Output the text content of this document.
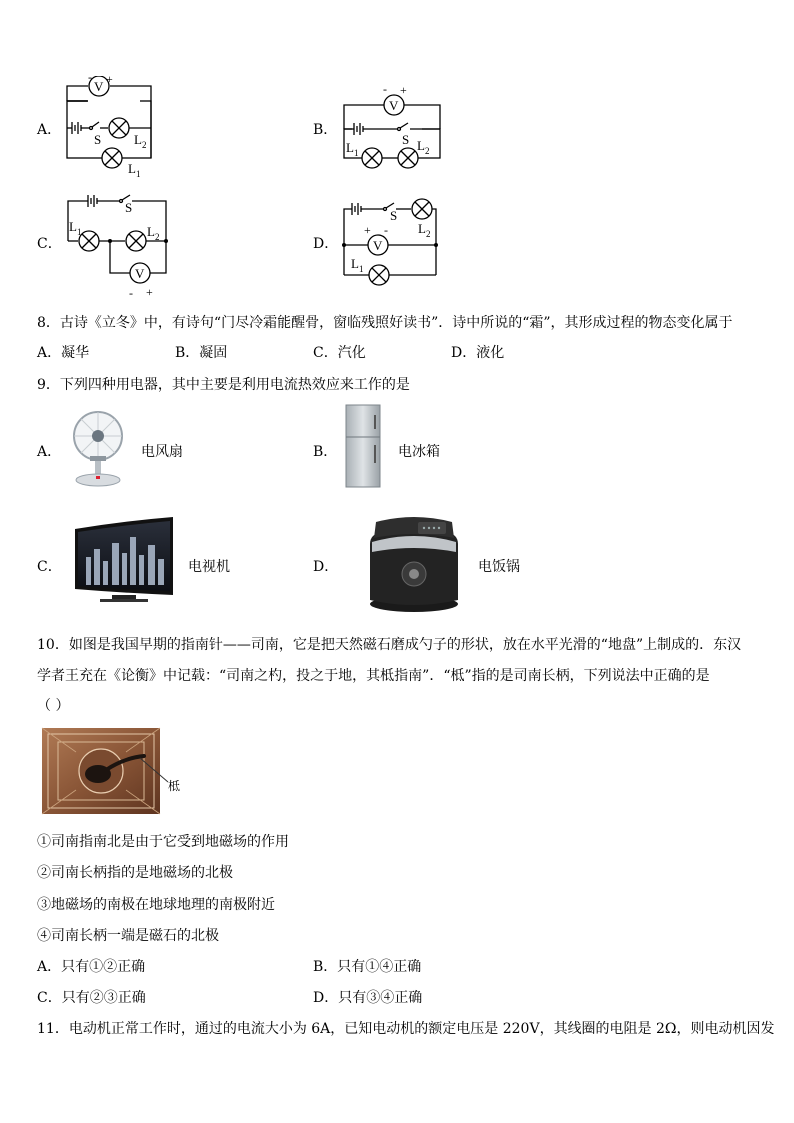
A．
V
- +
S	L 2
L 1
B．
V
- +
S
L 1	L 2
C．
V
- +
S
L 1	L 2	D．	V
+ -
S
L 2
L 1
8．古诗《立冬》中，有诗句“门尽冷霜能醒骨，窗临残照好读书”．诗中所说的“霜”，其形成过程的物态变化属于
A．凝华	B．凝固	C．汽化	D．液化
9．下列四种用电器，其中主要是利用电流热效应来工作的是
A．	电风扇	B．	电冰箱
C．	电视机	D．	电饭锅
10．如图是我国早期的指南针——司南，它是把天然磁石磨成勺子的形状，放在水平光滑的“地盘”上制成的．东汉
学者王充在《论衡》中记载：“司南之杓，投之于地，其柢指南”．“柢”指的是司南长柄，下列说法中正确的是
（ ）
柢
①司南指南北是由于它受到地磁场的作用
②司南长柄指的是地磁场的北极
③地磁场的南极在地球地理的南极附近
④司南长柄一端是磁石的北极
A．只有①②正确	B．只有①④正确
C．只有②③正确	D．只有③④正确
11．电动机正常工作时，通过的电流大小为 6A，已知电动机的额定电压是 220V，其线圈的电阻是 2Ω，则电动机因发
